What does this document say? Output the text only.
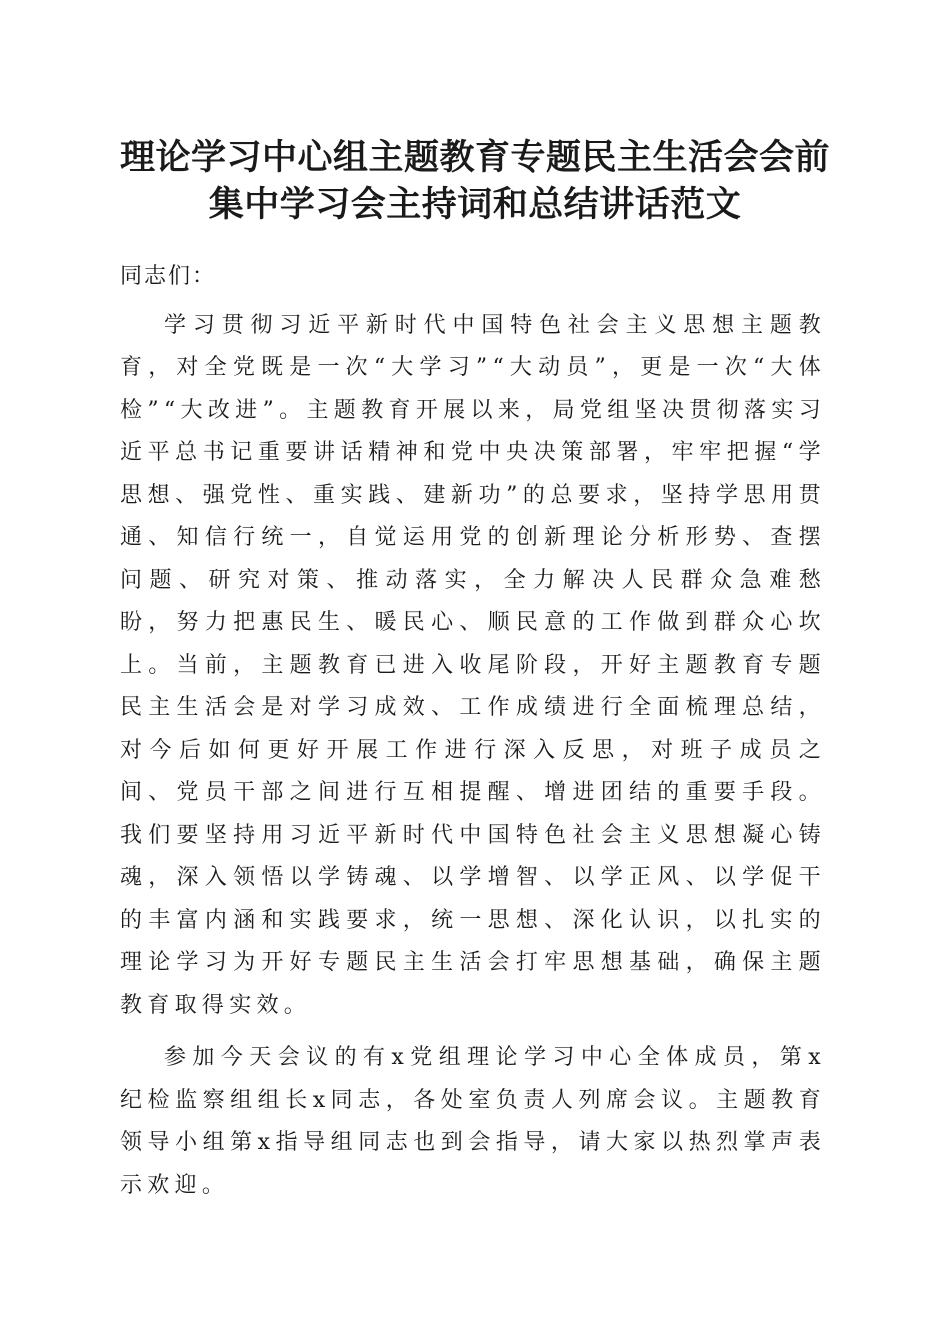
理论学习中心组主题教育专题民主生活会会前
集中学习会主持词和总结讲话范文

同志们：

学习贯彻习近平新时代中国特色社会主义思想主题教育，对全党既是一次“大学习”“大动员”，更是一次“大体检”“大改进”。主题教育开展以来，局党组坚决贯彻落实习近平总书记重要讲话精神和党中央决策部署，牢牢把握“学思想、强党性、重实践、建新功”的总要求，坚持学思用贯通、知信行统一，自觉运用党的创新理论分析形势、查摆问题、研究对策、推动落实，全力解决人民群众急难愁盼，努力把惠民生、暖民心、顺民意的工作做到群众心坎上。当前，主题教育已进入收尾阶段，开好主题教育专题民主生活会是对学习成效、工作成绩进行全面梳理总结，对今后如何更好开展工作进行深入反思，对班子成员之间、党员干部之间进行互相提醒、增进团结的重要手段。我们要坚持用习近平新时代中国特色社会主义思想凝心铸魂，深入领悟以学铸魂、以学增智、以学正风、以学促干的丰富内涵和实践要求，统一思想、深化认识，以扎实的理论学习为开好专题民主生活会打牢思想基础，确保主题教育取得实效。

参加今天会议的有x党组理论学习中心全体成员，第x纪检监察组组长x同志，各处室负责人列席会议。主题教育领导小组第x指导组同志也到会指导，请大家以热烈掌声表示欢迎。
